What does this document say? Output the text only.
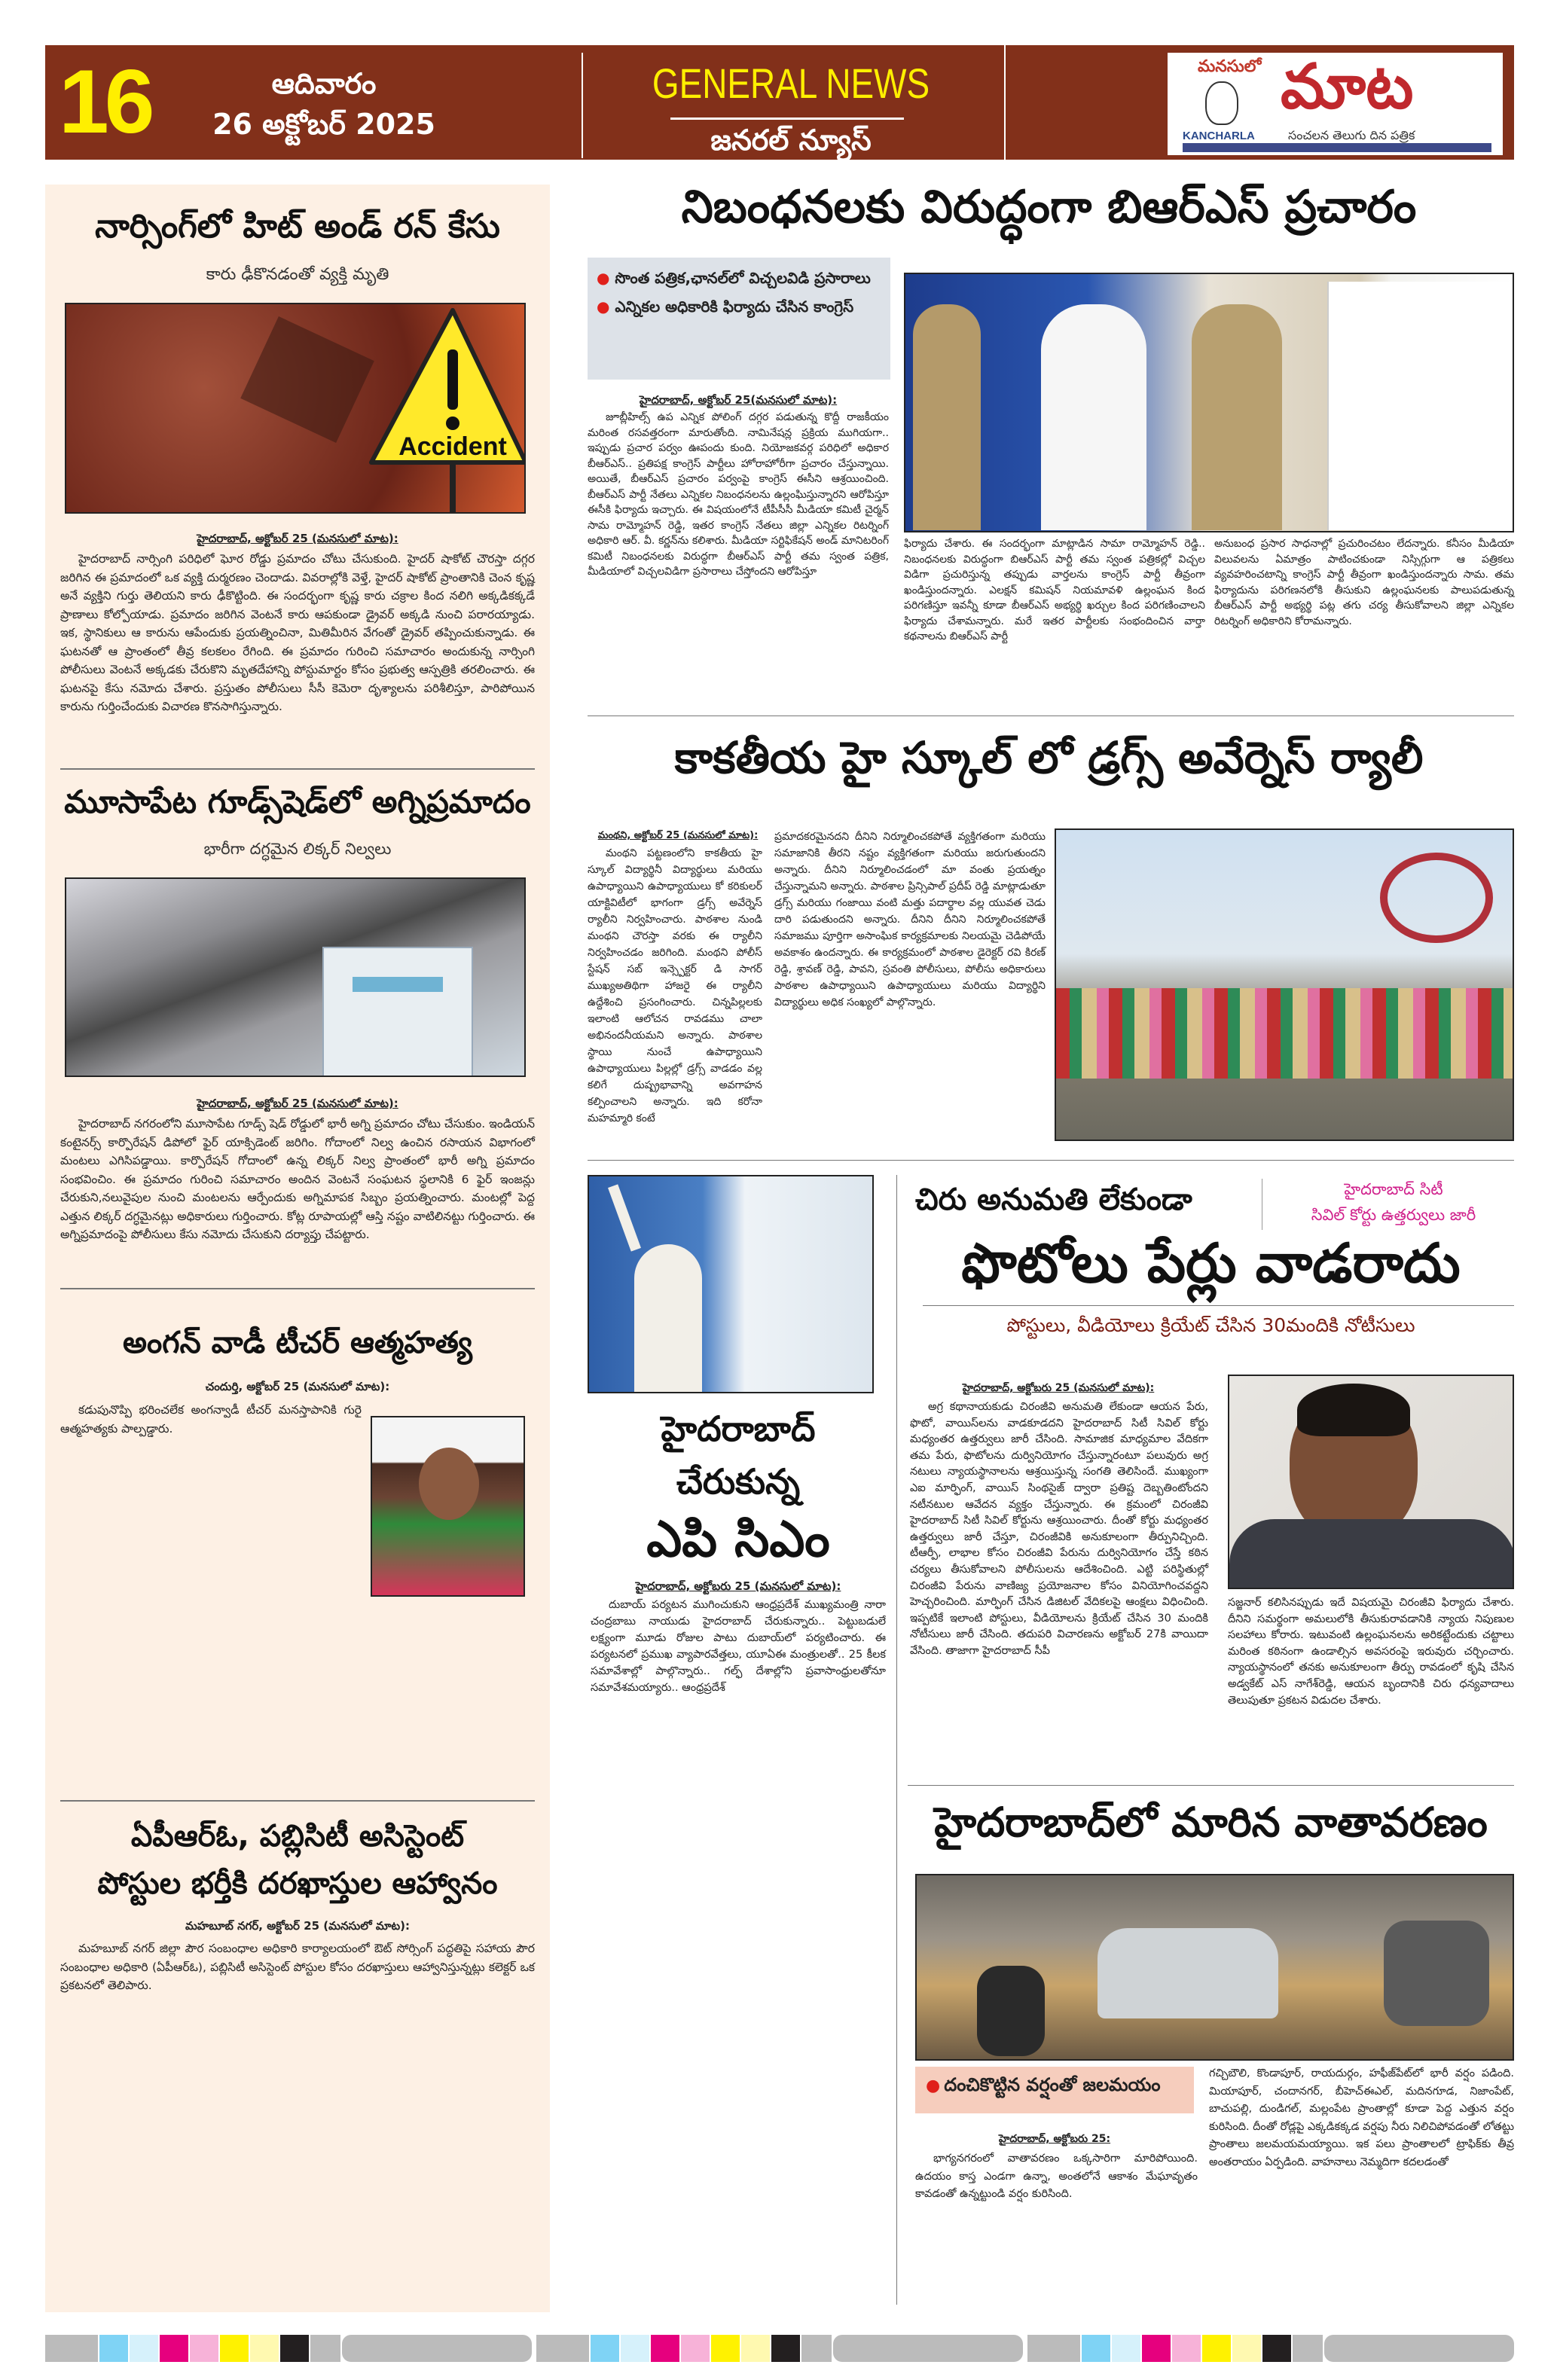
16	ఆదివారం
26 అక్టోబర్ 2025
GENERAL NEWS
జనరల్ న్యూస్
మనసులో మాట
KANCHARLA	సంచలన తెలుగు దిన పత్రిక
నార్సింగ్‌లో హిట్ అండ్ రన్ కేసు
కారు ఢీకొనడంతో వ్యక్తి మృతి
Accident
హైదరాబాద్, అక్టోబర్ 25 (మనసులో మాట):

హైదరాబాద్ నార్సింగి పరిధిలో ఘోర రోడ్డు ప్రమాదం చోటు చేసుకుంది. హైదర్ షాకోట్ చౌరస్తా దగ్గర జరిగిన ఈ ప్రమాదంలో ఒక వ్యక్తి దుర్మరణం చెందాడు. వివరాల్లోకి వెళ్తే, హైదర్ షాకోట్ ప్రాంతానికి చెంన కృష్ణ అనే వ్యక్తిని గుర్తు తెలియని కారు ఢీకొట్టింది. ఈ సందర్భంగా కృష్ణ కారు చక్రాల కింద నలిగి అక్కడికక్కడే ప్రాణాలు కోల్పోయాడు. ప్రమాదం జరిగిన వెంటనే కారు ఆపకుండా డ్రైవర్ అక్కడి నుంచి పరారయ్యాడు. ఇక, స్థానికులు ఆ కారును ఆపేందుకు ప్రయత్నించినా, మితిమీరిన వేగంతో డ్రైవర్ తప్పించుకున్నాడు. ఈ ఘటనతో ఆ ప్రాంతంలో తీవ్ర కలకలం రేగింది. ఈ ప్రమాదం గురించి సమాచారం అందుకున్న నార్సింగి పోలీసులు వెంటనే అక్కడకు చేరుకొని మృతదేహాన్ని పోస్టుమార్టం కోసం ప్రభుత్వ ఆస్పత్రికి తరలించారు. ఈ ఘటనపై కేసు నమోదు చేశారు. ప్రస్తుతం పోలీసులు సీసీ కెమెరా దృశ్యాలను పరిశీలిస్తూ, పారిపోయిన కారును గుర్తించేందుకు విచారణ కొనసాగిస్తున్నారు.

మూసాపేట గూడ్స్‌షెడ్‌లో అగ్నిప్రమాదం
భారీగా దగ్ధమైన లిక్కర్ నిల్వలు
హైదరాబాద్, అక్టోబర్ 25 (మనసులో మాట):

హైదరాబాద్ నగరంలోని మూసాపేట గూడ్స్ షెడ్ రోడ్డులో భారీ అగ్ని ప్రమాదం చోటు చేసుకుం. ఇండియన్ కంటైనర్స్ కార్పొరేషన్ డిపోలో ఫైర్ యాక్సిడెంట్ జరిగిం. గోదాంలో నిల్వ ఉంచిన రసాయన విభాగంలో మంటలు ఎగిసిపడ్డాయి. కార్పొరేషన్ గోదాంలో ఉన్న లిక్కర్ నిల్వ ప్రాంతంలో భారీ అగ్ని ప్రమాదం సంభవించిం. ఈ ప్రమాదం గురించి సమాచారం అందిన వెంటనే సంఘటన స్థలానికి 6 ఫైర్ ఇంజన్లు చేరుకుని,నలువైపుల నుంచి మంటలను ఆర్పేందుకు అగ్నిమాపక సిబ్బం ప్రయత్నించారు. మంటల్లో పెద్ద ఎత్తున లిక్కర్ దగ్ధమైనట్లు అధికారులు గుర్తించారు. కోట్ల రూపాయల్లో ఆస్తి నష్టం వాటిలినట్టు గుర్తించారు. ఈ అగ్నిప్రమాదంపై పోలీసులు కేసు నమోదు చేసుకుని దర్యాప్తు చేపట్టారు.

అంగన్ వాడీ టీచర్ ఆత్మహత్య
చందుర్తి, అక్టోబర్ 25 (మనసులో మాట):

కడుపునొప్పి భరించలేక అంగన్వాడీ టీచర్ మనస్తాపానికి గురై ఆత్మహత్యకు పాల్పడ్డారు.

ఏపీఆర్ఓ, పబ్లిసిటీ అసిస్టెంట్
పోస్టుల భర్తీకి దరఖాస్తుల ఆహ్వానం
మహబూబ్ నగర్, అక్టోబర్ 25 (మనసులో మాట):

మహబూబ్ నగర్ జిల్లా పౌర సంబంధాల అధికారి కార్యాలయంలో ఔట్ సోర్సింగ్ పద్ధతిపై సహాయ పౌర సంబంధాల అధికారి (ఏపీఆర్ఓ), పబ్లిసిటీ అసిస్టెంట్ పోస్టుల కోసం దరఖాస్తులు ఆహ్వానిస్తున్నట్లు కలెక్టర్ ఒక ప్రకటనలో తెలిపారు.

నిబంధనలకు విరుద్ధంగా బిఆర్ఎస్ ప్రచారం
● సొంత పత్రిక,ఛానల్‌లో విచ్చలవిడి ప్రసారాలు
● ఎన్నికల అధికారికి ఫిర్యాదు చేసిన కాంగ్రెస్
హైదరాబాద్, అక్టోబర్ 25(మనసులో మాట):

జూబ్లీహిల్స్ ఉప ఎన్నిక పోలింగ్ దగ్గర పడుతున్న కొద్దీ రాజకీయం మరింత రసవత్తరంగా మారుతోంది. నామినేషన్ల ప్రక్రియ ముగియగా.. ఇప్పుడు ప్రచార పర్వం ఊపందు కుంది. నియోజకవర్గ పరిధిలో అధికార బీఆర్ఎస్.. ప్రతిపక్ష కాంగ్రెస్ పార్టీలు హోరాహోరీగా ప్రచారం చేస్తున్నాయి. అయితే, బీఆర్ఎస్ ప్రచారం పర్వంపై కాంగ్రెస్ ఈసీని ఆశ్రయించింది. బీఆర్ఎస్ పార్టీ నేతలు ఎన్నికల నిబంధనలను ఉల్లంఘిస్తున్నారని ఆరోపిస్తూ ఈసీకి ఫిర్యాదు ఇచ్చారు. ఈ విషయంలోనే టీపీసీసీ మీడియా కమిటీ చైర్మన్ సామ రామ్మోహన్ రెడ్డి, ఇతర కాంగ్రెస్ నేతలు జిల్లా ఎన్నికల రిటర్నింగ్ అధికారి ఆర్. వీ. కర్ణన్‌ను కలిశారు. మీడియా సర్టిఫికేషన్ అండ్ మానిటరింగ్ కమిటీ నిబంధనలకు విరుద్ధగా బీఆర్ఎస్ పార్టీ తమ స్వంత పత్రిక, మీడియాలో విచ్చలవిడిగా ప్రసారాలు చేస్తోందని ఆరోపిస్తూ

ఫిర్యాదు చేశారు. ఈ సందర్భంగా మాట్లాడిన సామా రామ్మోహన్ రెడ్డి.. నిబంధనలకు విరుద్ధంగా బిఆర్ఎస్ పార్టీ తమ స్వంత పత్రికల్లో విచ్చల విడిగా ప్రచురిస్తున్న తప్పుడు వార్తలను కాంగ్రెస్ పార్టీ తీవ్రంగా ఖండిస్తుందన్నారు. ఎలక్షన్ కమిషన్ నియమావళి ఉల్లంఘన కింద పరిగణిస్తూ ఇవన్నీ కూడా బీఆర్ఎస్ అభ్యర్థి ఖర్చుల కింద పరిగణించాలని ఫిర్యాదు చేశామన్నారు. మరే ఇతర పార్టీలకు సంభందించిన వార్తా కథనాలను బిఆర్ఎస్ పార్టీ

అనుబంధ ప్రసార సాధనాల్లో ప్రచురించటం లేదన్నారు. కనీసం మీడియా విలువలను ఏమాత్రం పాటించకుండా నిస్సిగ్గుగా ఆ పత్రికలు వ్యవహరించటాన్ని కాంగ్రెస్ పార్టీ తీవ్రంగా ఖండిస్తుందన్నారు సామ. తమ ఫిర్యాదును పరిగణనలోకి తీసుకుని ఉల్లంఘనలకు పాలుపడుతున్న బీఆర్ఎస్ పార్టీ అభ్యర్థి పట్ల తగు చర్య తీసుకోవాలని జిల్లా ఎన్నికల రిటర్నింగ్ అధికారిని కోరామన్నారు.

కాకతీయ హై స్కూల్ లో డ్రగ్స్ అవేర్నెస్ ర్యాలీ
మంథని, అక్టోబర్ 25 (మనసులో మాట):

మంథని పట్టణంలోని కాకతీయ హై స్కూల్ విద్యార్థినీ విద్యార్థులు మరియు ఉపాధ్యాయిని ఉపాధ్యాయులు కో కరికులర్ యాక్టివిటీలో భాగంగా డ్రగ్స్ అవేర్నెస్ ర్యాలీని నిర్వహించారు. పాఠశాల నుండి మంథని చౌరస్తా వరకు ఈ ర్యాలీని నిర్వహించడం జరిగింది. మంథని పోలీస్ స్టేషన్ సబ్ ఇన్స్పెక్టర్ డి సాగర్ ముఖ్యఅతిథిగా హాజరై ఈ ర్యాలీని ఉద్దేశించి ప్రసంగించారు. చిన్నపిల్లలకు ఇలాంటి ఆలోచన రావడము చాలా అభినందనీయమని అన్నారు. పాఠశాల స్థాయి నుంచే ఉపాధ్యాయిని ఉపాధ్యాయులు పిల్లల్లో డ్రగ్స్ వాడడం వల్ల కలిగే దుష్ప్రభావాన్ని అవగాహన కల్పించాలని అన్నారు. ఇది కరోనా మహమ్మారి కంటే

ప్రమాదకరమైనదని దీనిని నిర్మూలించకపోతే వ్యక్తిగతంగా మరియు సమాజానికి తీరని నష్టం వ్యక్తిగతంగా మరియు జరుగుతుందని అన్నారు. దీనిని నిర్మూలించడంలో మా వంతు ప్రయత్నం చేస్తున్నామని అన్నారు. పాఠశాల ప్రిన్సిపాల్ ప్రదీప్ రెడ్డి మాట్లాడుతూ డ్రగ్స్ మరియు గంజాయి వంటి మత్తు పదార్థాల వల్ల యువత చెడు దారి పడుతుందని అన్నారు. దీనిని దీనిని నిర్మూలించకపోతే సమాజము పూర్తిగా అసాంఘిక కార్యక్రమాలకు నిలయమై చెడిపోయే అవకాశం ఉందన్నారు. ఈ కార్యక్రమంలో పాఠశాల డైరెక్టర్ రవి కిరణ్ రెడ్డి, శ్రావణ్ రెడ్డి, పావని, స్రవంతి పోలీసులు, పోలీసు అధికారులు పాఠశాల ఉపాధ్యాయిని ఉపాధ్యాయులు మరియు విద్యార్థిని విద్యార్థులు అధిక సంఖ్యలో పాల్గొన్నారు.

హైదరాబాద్
చేరుకున్న
ఎపి సిఎం
హైదరాబాద్, అక్టోబరు 25 (మనసులో మాట):

దుబాయ్ పర్యటన ముగించుకుని ఆంధ్రప్రదేశ్ ముఖ్యమంత్రి నారా చంద్రబాబు నాయుడు హైదరాబాద్ చేరుకున్నారు.. పెట్టుబడులే లక్ష్యంగా మూడు రోజుల పాటు దుబాయ్‌లో పర్యటించారు. ఈ పర్యటనలో ప్రముఖ వ్యాపారవేత్తలు, యూఏఈ మంత్రులతో.. 25 కీలక సమావేశాల్లో పాల్గొన్నారు.. గల్ఫ్ దేశాల్లోని ప్రవాసాంధ్రులతోనూ సమావేశమయ్యారు.. ఆంధ్రప్రదేశ్

చిరు అనుమతి లేకుండా	హైదరాబాద్ సిటీ
సివిల్ కోర్టు ఉత్తర్వులు జారీ
ఫొటోలు పేర్లు వాడరాదు
పోస్టులు, వీడియోలు క్రియేట్ చేసిన 30మందికి నోటీసులు
హైదరాబాద్, అక్టోబరు 25 (మనసులో మాట):

అగ్ర కథానాయకుడు చిరంజీవి అనుమతి లేకుండా ఆయన పేరు, ఫొటో, వాయిస్‌లను వాడకూడదని హైదరాబాద్ సిటీ సివిల్ కోర్టు మధ్యంతర ఉత్తర్వులు జారీ చేసింది. సామాజిక మాధ్యమాల వేదికగా తమ పేరు, ఫొటోలను దుర్వినియోగం చేస్తున్నారంటూ పలువురు అగ్ర నటులు న్యాయస్థానాలను ఆశ్రయిస్తున్న సంగతి తెలిసిందే. ముఖ్యంగా ఎఐ మార్ఫింగ్, వాయిస్ సింథసైజ్ ద్వారా ప్రతిష్ట దెబ్బతింటోందని నటీనటుల ఆవేదన వ్యక్తం చేస్తున్నారు. ఈ క్రమంలో చిరంజీవి హైదరాబాద్ సిటీ సివిల్ కోర్టును ఆశ్రయించారు. దీంతో కోర్టు మధ్యంతర ఉత్తర్వులు జారీ చేస్తూ, చిరంజీవికి అనుకూలంగా తీర్పునిచ్చింది. టీఆర్పీ, లాభాల కోసం చిరంజీవి పేరును దుర్వినియోగం చేస్తే కఠిన చర్యలు తీసుకోవాలని పోలీసులను ఆదేశించింది. ఎట్టి పరిస్థితుల్లో చిరంజీవి పేరును వాణిజ్య ప్రయోజనాల కోసం వినియోగించవద్దని హెచ్చరించింది. మార్ఫింగ్ చేసిన డిజిటల్ వేదికలపై ఆంక్షలు విధించింది. ఇప్పటికే ఇలాంటి పోస్టులు, వీడియోలను క్రియేట్ చేసిన 30 మందికి నోటీసులు జారీ చేసింది. తదుపరి విచారణను అక్టోబర్ 27కి వాయిదా వేసింది. తాజాగా హైదరాబాద్ సీపీ

సజ్జనార్ కలిసినప్పుడు ఇదే విషయమై చిరంజీవి ఫిర్యాదు చేశారు. దీనిని సమర్థంగా అమలులోకి తీసుకురావడానికి న్యాయ నిపుణుల సలహాలు కోరారు. ఇటువంటి ఉల్లంఘనలను అరికట్టేందుకు చట్టాలు మరింత కఠినంగా ఉండాల్సిన అవసరంపై ఇరువురు చర్చించారు. న్యాయస్థానంలో తనకు అనుకూలంగా తీర్పు రావడంలో కృషి చేసిన అడ్వకేట్ ఎస్ నాగేశ్‌రెడ్డి, ఆయన బృందానికి చిరు ధన్యవాదాలు తెలుపుతూ ప్రకటన విడుదల చేశారు.

హైదరాబాద్‌లో మారిన వాతావరణం
● దంచికొట్టిన వర్షంతో జలమయం
హైదరాబాద్, అక్టోబరు 25:

భాగ్యనగరంలో వాతావరణం ఒక్కసారిగా మారిపోయింది. ఉదయం కాస్త ఎండగా ఉన్నా, అంతలోనే ఆకాశం మేఘావృతం కావడంతో ఉన్నట్టుండి వర్షం కురిసింది.

గచ్చిబౌలి, కొండాపూర్, రాయదుర్గం, హఫీజ్‌పేట్‌లో భారీ వర్షం పడింది. మియాపూర్, చందానగర్, బీహెచ్ఈఎల్, మదినగూడ, నిజాంపేట్, బాచుపల్లి, దుండిగల్, మల్లంపేట ప్రాంతాల్లో కూడా పెద్ద ఎత్తున వర్షం కురిసింది. దీంతో రోడ్లపై ఎక్కడికక్కడ వర్షపు నీరు నిలిచిపోవడంతో లోతట్టు ప్రాంతాలు జలమయమయ్యాయి. ఇక పలు ప్రాంతాలలో ట్రాఫిక్‌కు తీవ్ర అంతరాయం ఏర్పడింది. వాహనాలు నెమ్మదిగా కదలడంతో
